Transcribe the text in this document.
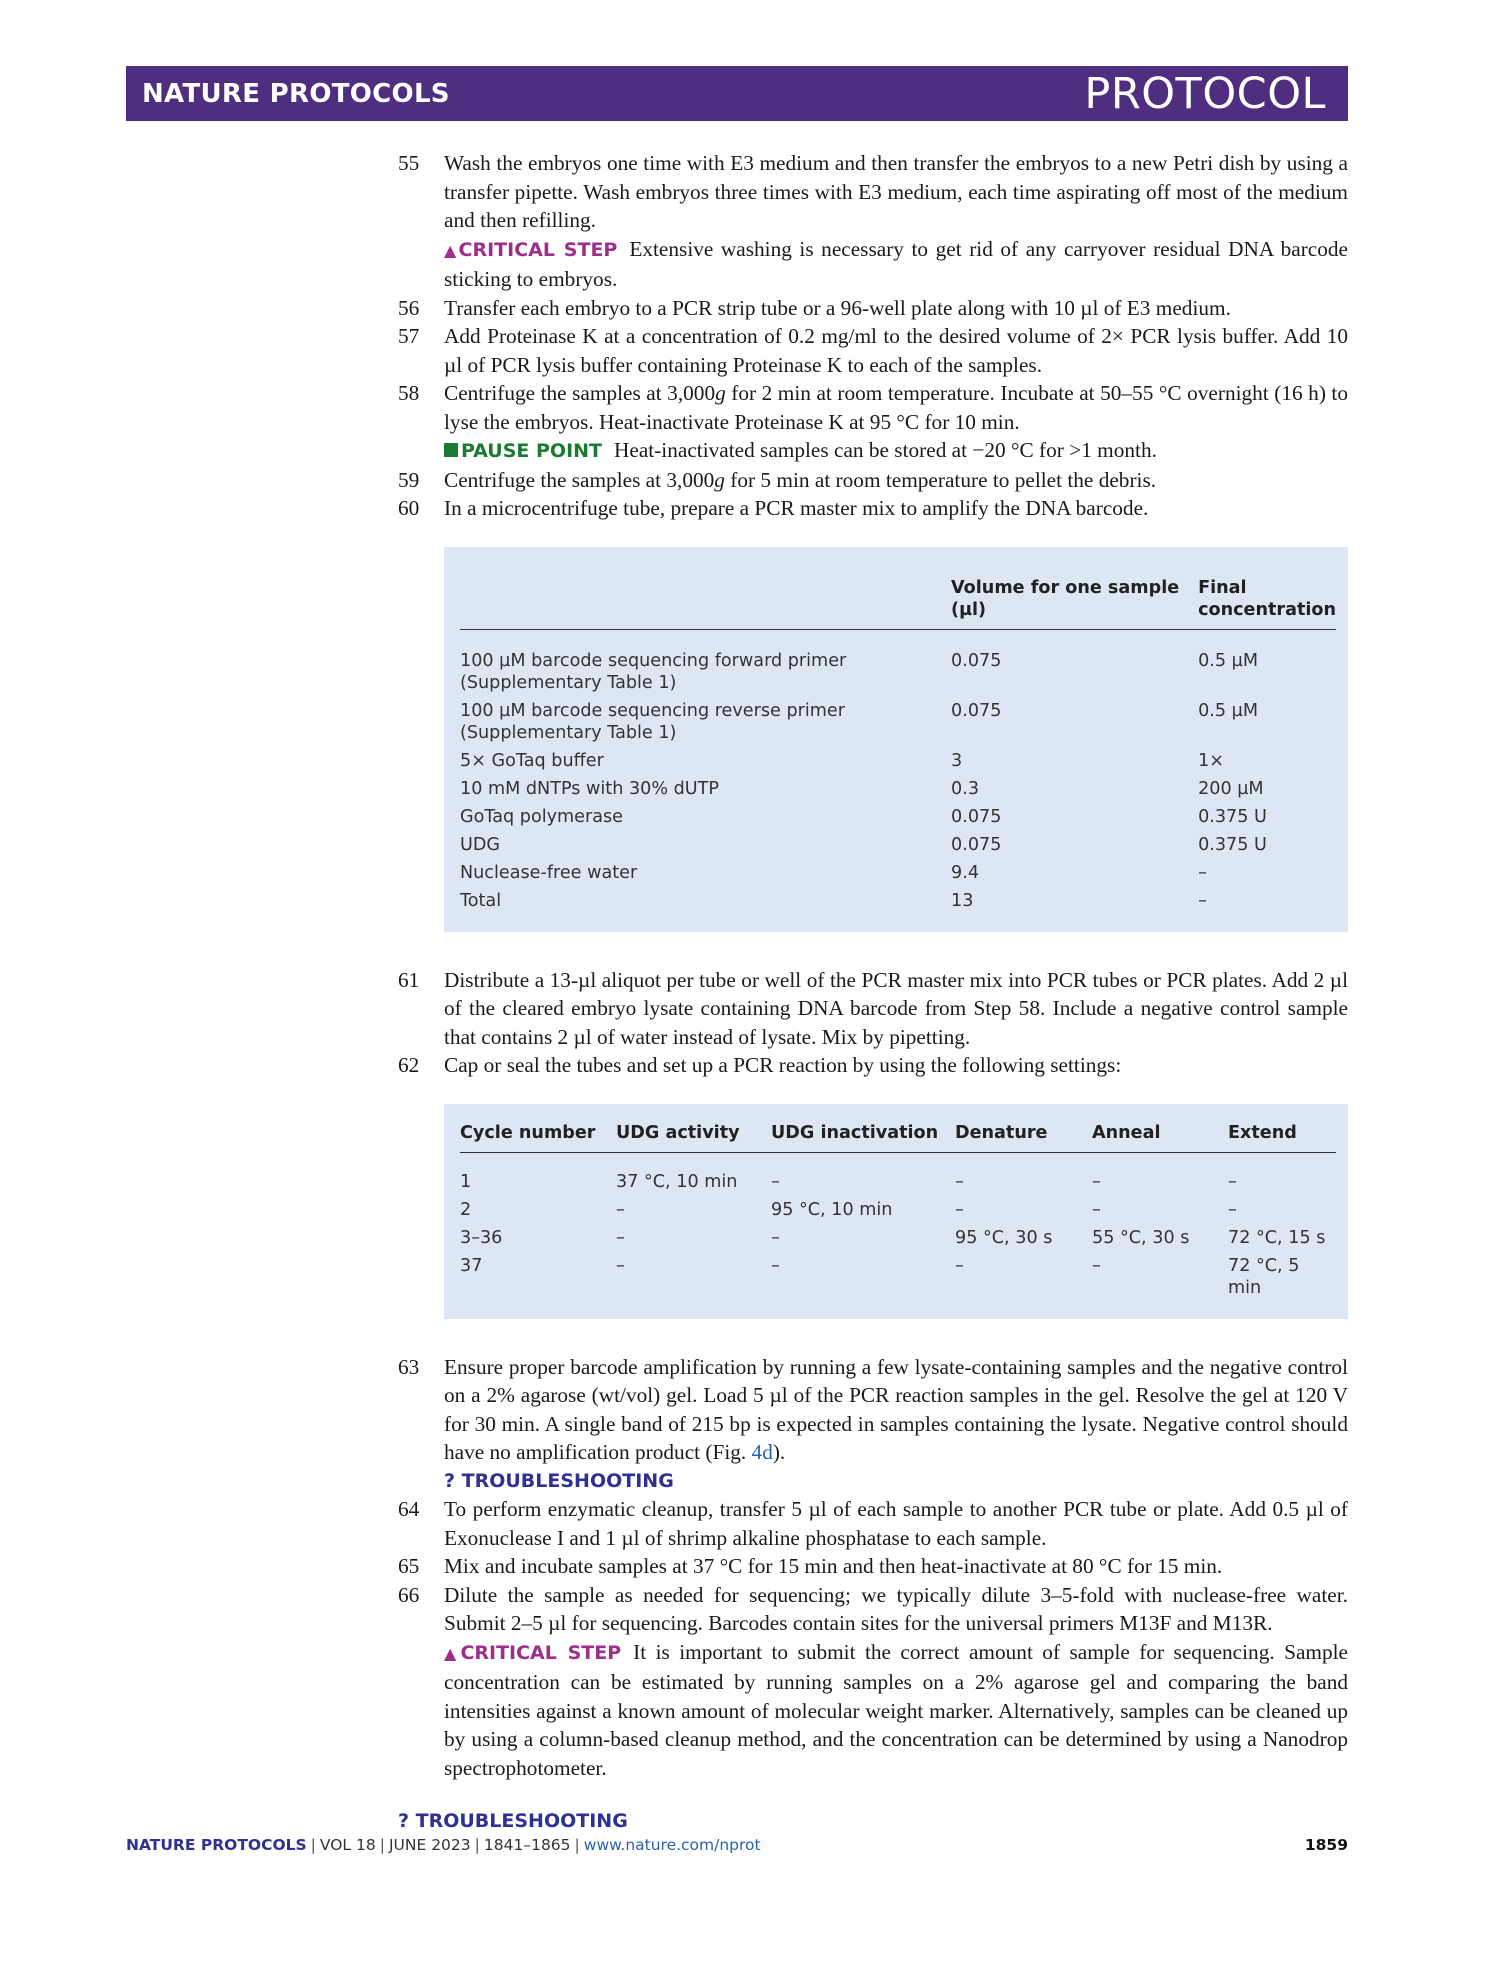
NATURE PROTOCOLS	PROTOCOL
55	Wash the embryos one time with E3 medium and then transfer the embryos to a new Petri dish by using a transfer pipette. Wash embryos three times with E3 medium, each time aspirating off most of the medium and then refilling.

▲CRITICAL STEP Extensive washing is necessary to get rid of any carryover residual DNA barcode sticking to embryos.

56	Transfer each embryo to a PCR strip tube or a 96-well plate along with 10 µl of E3 medium.

57	Add Proteinase K at a concentration of 0.2 mg/ml to the desired volume of 2× PCR lysis buffer. Add 10 µl of PCR lysis buffer containing Proteinase K to each of the samples.

58	Centrifuge the samples at 3,000g for 2 min at room temperature. Incubate at 50–55 °C overnight (16 h) to lyse the embryos. Heat-inactivate Proteinase K at 95 °C for 10 min.

PAUSE POINT Heat-inactivated samples can be stored at −20 °C for >1 month.

59	Centrifuge the samples at 3,000g for 5 min at room temperature to pellet the debris.

60	In a microcentrifuge tube, prepare a PCR master mix to amplify the DNA barcode.

	Volume for one sample (µl)	Final concentration

100 µM barcode sequencing forward primer (Supplementary Table 1)	0.075	0.5 µM
100 µM barcode sequencing reverse primer (Supplementary Table 1)	0.075	0.5 µM
5× GoTaq buffer	3	1×
10 mM dNTPs with 30% dUTP	0.3	200 µM
GoTaq polymerase	0.075	0.375 U
UDG	0.075	0.375 U
Nuclease-free water	9.4	–
Total	13	–
61	Distribute a 13-µl aliquot per tube or well of the PCR master mix into PCR tubes or PCR plates. Add 2 µl of the cleared embryo lysate containing DNA barcode from Step 58. Include a negative control sample that contains 2 µl of water instead of lysate. Mix by pipetting.

62	Cap or seal the tubes and set up a PCR reaction by using the following settings:

Cycle number	UDG activity	UDG inactivation	Denature	Anneal	Extend

1	37 °C, 10 min	–	–	–	–
2	–	95 °C, 10 min	–	–	–
3–36	–	–	95 °C, 30 s	55 °C, 30 s	72 °C, 15 s
37	–	–	–	–	72 °C, 5 min
63	Ensure proper barcode amplification by running a few lysate-containing samples and the negative control on a 2% agarose (wt/vol) gel. Load 5 µl of the PCR reaction samples in the gel. Resolve the gel at 120 V for 30 min. A single band of 215 bp is expected in samples containing the lysate. Negative control should have no amplification product (Fig. 4d).

? TROUBLESHOOTING

64	To perform enzymatic cleanup, transfer 5 µl of each sample to another PCR tube or plate. Add 0.5 µl of Exonuclease I and 1 µl of shrimp alkaline phosphatase to each sample.

65	Mix and incubate samples at 37 °C for 15 min and then heat-inactivate at 80 °C for 15 min.

66	Dilute the sample as needed for sequencing; we typically dilute 3–5-fold with nuclease-free water. Submit 2–5 µl for sequencing. Barcodes contain sites for the universal primers M13F and M13R.

▲CRITICAL STEP It is important to submit the correct amount of sample for sequencing. Sample concentration can be estimated by running samples on a 2% agarose gel and comparing the band intensities against a known amount of molecular weight marker. Alternatively, samples can be cleaned up by using a column-based cleanup method, and the concentration can be determined by using a Nanodrop spectrophotometer.

? TROUBLESHOOTING

NATURE PROTOCOLS | VOL 18 | JUNE 2023 | 1841–1865 | www.nature.com/nprot	1859
